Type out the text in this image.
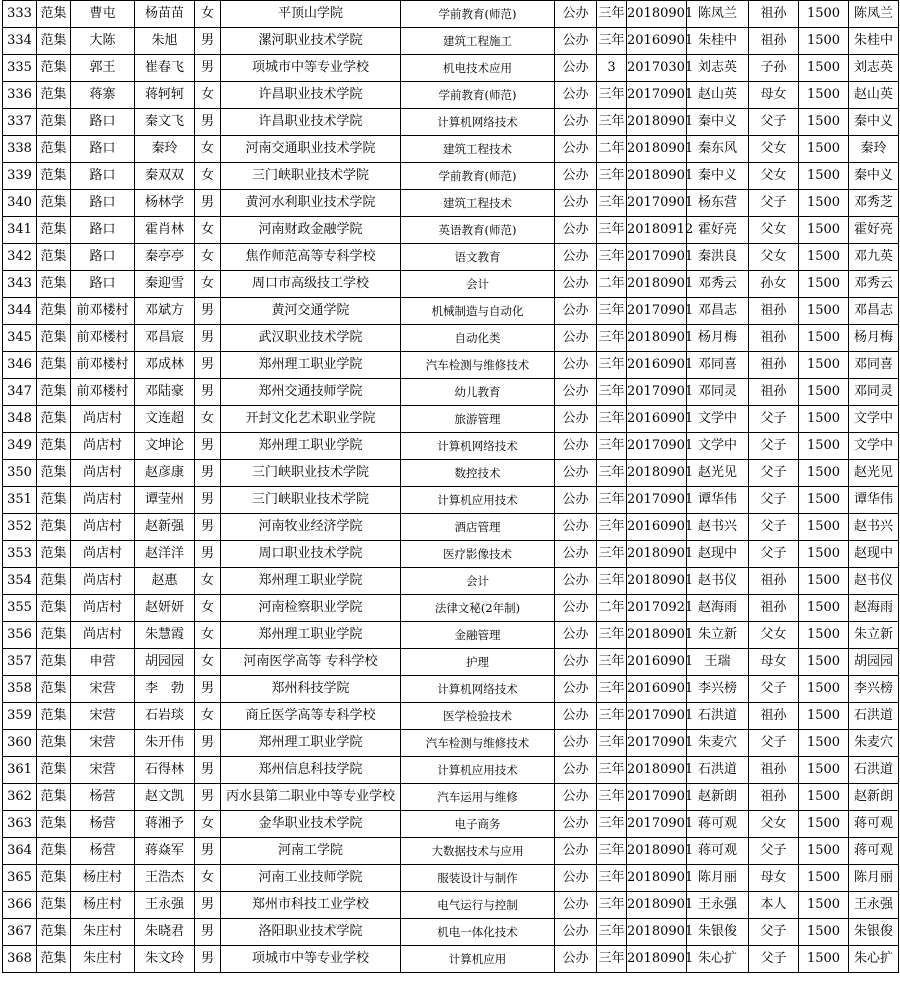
333	范集	曹屯	杨苗苗	女	平顶山学院	学前教育(师范)	公办	三年	20180901	陈凤兰	祖孙	1500	陈凤兰
334	范集	大陈	朱旭	男	漯河职业技术学院	建筑工程施工	公办	三年	20160901	朱桂中	祖孙	1500	朱桂中
335	范集	郭王	崔春飞	男	项城市中等专业学校	机电技术应用	公办	3	20170301	刘志英	子孙	1500	刘志英
336	范集	蒋寨	蒋轲轲	女	许昌职业技术学院	学前教育(师范)	公办	三年	20170901	赵山英	母女	1500	赵山英
337	范集	路口	秦文飞	男	许昌职业技术学院	计算机网络技术	公办	三年	20180901	秦中义	父子	1500	秦中义
338	范集	路口	秦玲	女	河南交通职业技术学院	建筑工程技术	公办	二年	20180901	秦东风	父女	1500	秦玲
339	范集	路口	秦双双	女	三门峡职业技术学院	学前教育(师范)	公办	三年	20180901	秦中义	父女	1500	秦中义
340	范集	路口	杨林学	男	黄河水利职业技术学院	建筑工程技术	公办	三年	20170901	杨东营	父子	1500	邓秀芝
341	范集	路口	霍肖林	女	河南财政金融学院	英语教育(师范)	公办	三年	20180912	霍好亮	父女	1500	霍好亮
342	范集	路口	秦亭亭	女	焦作师范高等专科学校	语文教育	公办	三年	20170901	秦洪良	父女	1500	邓九英
343	范集	路口	秦迎雪	女	周口市高级技工学校	会计	公办	二年	20180901	邓秀云	孙女	1500	邓秀云
344	范集	前邓楼村	邓斌方	男	黄河交通学院	机械制造与自动化	公办	三年	20170901	邓昌志	祖孙	1500	邓昌志
345	范集	前邓楼村	邓昌宸	男	武汉职业技术学院	自动化类	公办	三年	20180901	杨月梅	祖孙	1500	杨月梅
346	范集	前邓楼村	邓成林	男	郑州理工职业学院	汽车检测与维修技术	公办	三年	20160901	邓同喜	祖孙	1500	邓同喜
347	范集	前邓楼村	邓陆豪	男	郑州交通技师学院	幼儿教育	公办	三年	20170901	邓同灵	祖孙	1500	邓同灵
348	范集	尚店村	文连超	女	开封文化艺术职业学院	旅游管理	公办	三年	20160901	文学中	父子	1500	文学中
349	范集	尚店村	文坤论	男	郑州理工职业学院	计算机网络技术	公办	三年	20170901	文学中	父子	1500	文学中
350	范集	尚店村	赵彦康	男	三门峡职业技术学院	数控技术	公办	三年	20180901	赵光见	父子	1500	赵光见
351	范集	尚店村	谭莹州	男	三门峡职业技术学院	计算机应用技术	公办	三年	20170901	谭华伟	父子	1500	谭华伟
352	范集	尚店村	赵新强	男	河南牧业经济学院	酒店管理	公办	三年	20160901	赵书兴	父子	1500	赵书兴
353	范集	尚店村	赵洋洋	男	周口职业技术学院	医疗影像技术	公办	三年	20180901	赵现中	父子	1500	赵现中
354	范集	尚店村	赵惠	女	郑州理工职业学院	会计	公办	三年	20180901	赵书仪	祖孙	1500	赵书仪
355	范集	尚店村	赵妍妍	女	河南检察职业学院	法律文秘(2年制)	公办	二年	20170921	赵海雨	祖孙	1500	赵海雨
356	范集	尚店村	朱慧霞	女	郑州理工职业学院	金融管理	公办	三年	20180901	朱立新	父女	1500	朱立新
357	范集	申营	胡园园	女	河南医学高等 专科学校	护理	公办	三年	20160901	王瑞	母女	1500	胡园园
358	范集	宋营	李　勃	男	郑州科技学院	计算机网络技术	公办	三年	20160901	李兴榜	父子	1500	李兴榜
359	范集	宋营	石岩琰	女	商丘医学高等专科学校	医学检验技术	公办	三年	20170901	石洪道	祖孙	1500	石洪道
360	范集	宋营	朱开伟	男	郑州理工职业学院	汽车检测与维修技术	公办	三年	20170901	朱麦穴	父子	1500	朱麦穴
361	范集	宋营	石得林	男	郑州信息科技学院	计算机应用技术	公办	三年	20180901	石洪道	祖孙	1500	石洪道
362	范集	杨营	赵文凯	男	丙水县第二职业中等专业学校	汽车运用与维修	公办	三年	20170901	赵新朗	祖孙	1500	赵新朗
363	范集	杨营	蒋湘予	女	金华职业技术学院	电子商务	公办	三年	20170901	蒋可观	父女	1500	蒋可观
364	范集	杨营	蒋焱军	男	河南工学院	大数据技术与应用	公办	三年	20180901	蒋可观	父子	1500	蒋可观
365	范集	杨庄村	王浩杰	女	河南工业技师学院	服装设计与制作	公办	三年	20180901	陈月丽	母女	1500	陈月丽
366	范集	杨庄村	王永强	男	郑州市科技工业学校	电气运行与控制	公办	三年	20180901	王永强	本人	1500	王永强
367	范集	朱庄村	朱晓君	男	洛阳职业技术学院	机电一体化技术	公办	三年	20180901	朱银俊	父子	1500	朱银俊
368	范集	朱庄村	朱文玲	男	项城市中等专业学校	计算机应用	公办	三年	20180901	朱心扩	父子	1500	朱心扩
